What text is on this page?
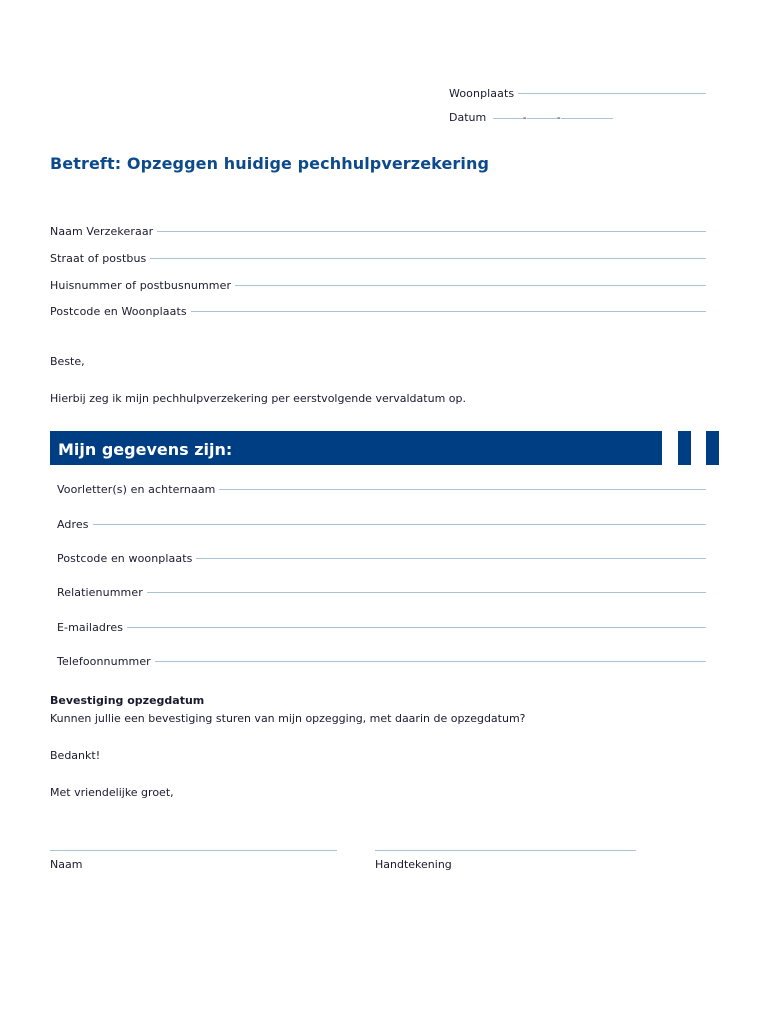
Woonplaats
Datum	-	-
Betreft: Opzeggen huidige pechhulpverzekering
Naam Verzekeraar
Straat of postbus
Huisnummer of postbusnummer
Postcode en Woonplaats
Beste,
Hierbij zeg ik mijn pechhulpverzekering per eerstvolgende vervaldatum op.
Mijn gegevens zijn:
Voorletter(s) en achternaam
Adres
Postcode en woonplaats
Relatienummer
E-mailadres
Telefoonnummer
Bevestiging opzegdatum
Kunnen jullie een bevestiging sturen van mijn opzegging, met daarin de opzegdatum?
Bedankt!
Met vriendelijke groet,
Naam	Handtekening
